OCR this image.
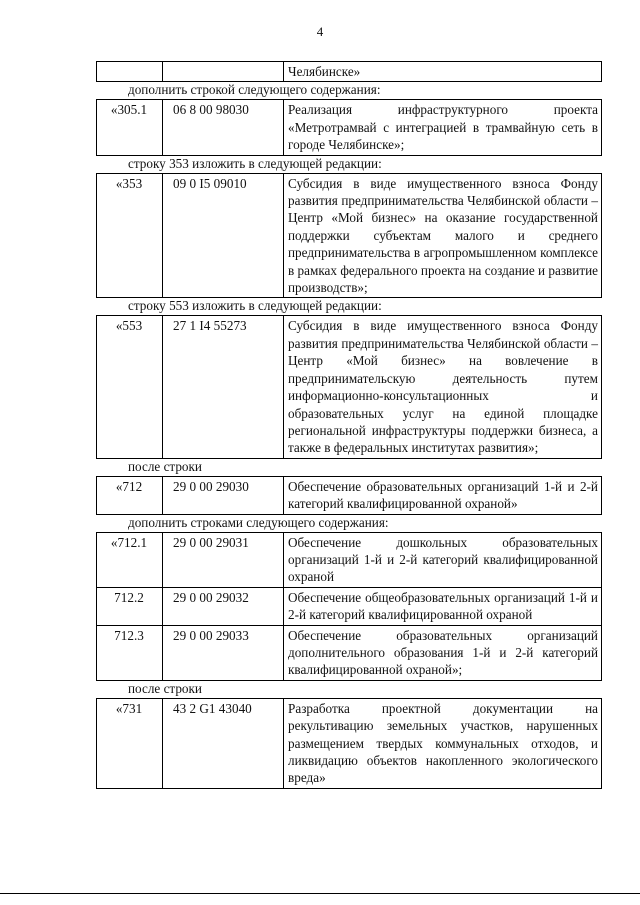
4
		Челябинске»
дополнить строкой следующего содержания:
«305.1	06 8 00 98030	Реализация инфраструктурного проекта «Метротрамвай с интеграцией в трамвайную сеть в городе Челябинске»;
строку 353 изложить в следующей редакции:
«353	09 0 I5 09010	Субсидия в виде имущественного взноса Фонду развития предпринимательства Челябинской области – Центр «Мой бизнес» на оказание государственной поддержки субъектам малого и среднего предпринимательства в агропромышленном комплексе в рамках федерального проекта на создание и развитие производств»;
строку 553 изложить в следующей редакции:
«553	27 1 I4 55273	Субсидия в виде имущественного взноса Фонду развития предпринимательства Челябинской области – Центр «Мой бизнес» на вовлечение в предпринимательскую деятельность путем информационно-консультационных и образовательных услуг на единой площадке региональной инфраструктуры поддержки бизнеса, а также в федеральных институтах развития»;
после строки
«712	29 0 00 29030	Обеспечение образовательных организаций 1-й и 2-й категорий квалифицированной охраной»
дополнить строками следующего содержания:
«712.1	29 0 00 29031	Обеспечение дошкольных образовательных организаций 1-й и 2-й категорий квалифицированной охраной
712.2	29 0 00 29032	Обеспечение общеобразовательных организаций 1-й и 2-й категорий квалифицированной охраной
712.3	29 0 00 29033	Обеспечение образовательных организаций дополнительного образования 1-й и 2-й категорий квалифицированной охраной»;
после строки
«731	43 2 G1 43040	Разработка проектной документации на рекультивацию земельных участков, нарушенных размещением твердых коммунальных отходов, и ликвидацию объектов накопленного экологического вреда»
